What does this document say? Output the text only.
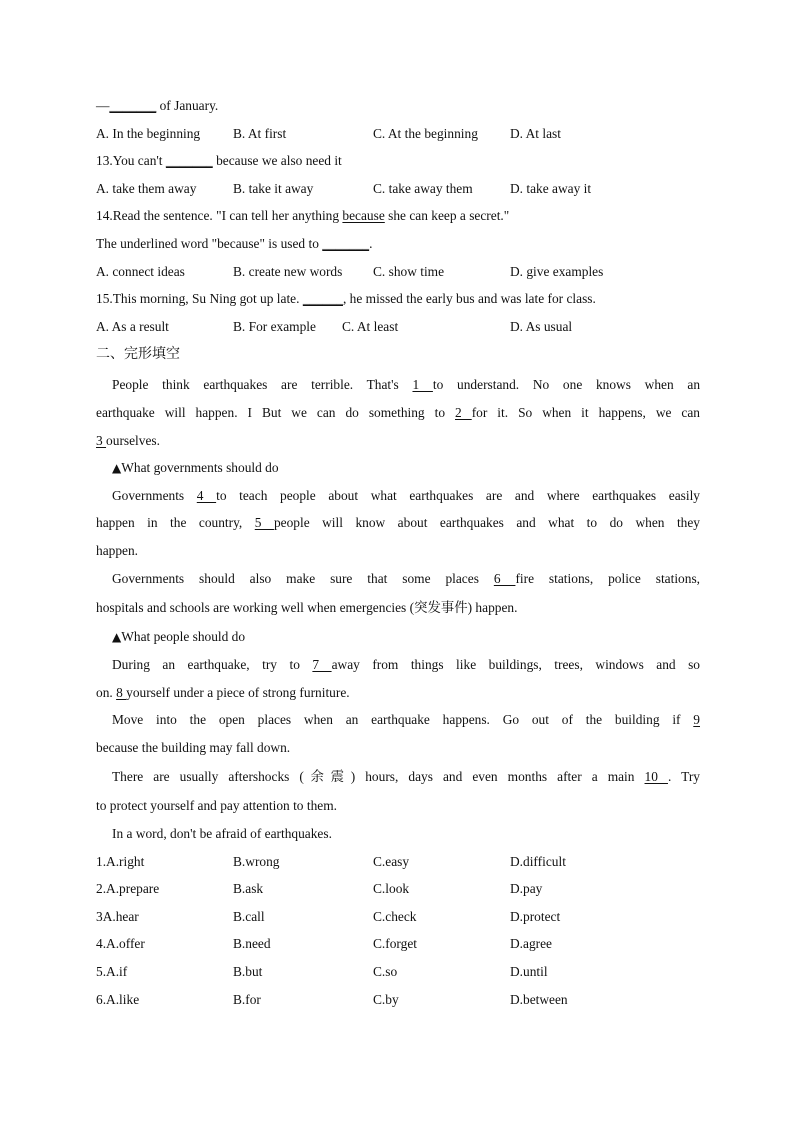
—_______ of January.
A. In the beginning B. At first	C. At the beginning D. At last
13.You can't _______ because we also need it
A. take them away	B. take it away	C. take away them	D. take away it
14.Read the sentence. "I can tell her anything because she can keep a secret."
The underlined word "because" is used to _______.
A. connect ideas	B. create new words C. show time	D. give examples
15.This morning, Su Ning got up late. ______, he missed the early bus and was late for class.
A. As a result	B. For example C. At least	D. As usual
二、完形填空
People think earthquakes are terrible. That's 1 to understand. No one knows when an
earthquake will happen. I But we can do something to 2 for it. So when it happens, we can
3 ourselves.
▲What governments should do
Governments 4 to teach people about what earthquakes are and where earthquakes easily
happen in the country, 5 people will know about earthquakes and what to do when they
happen.
Governments should also make sure that some places 6 fire stations, police stations,
hospitals and schools are working well when emergencies (突发事件) happen.
▲What people should do
During an earthquake, try to 7 away from things like buildings, trees, windows and so
on. 8 yourself under a piece of strong furniture.
Move into the open places when an earthquake happens. Go out of the building if 9
because the building may fall down.
There are usually aftershocks (余震) hours, days and even months after a main 10 . Try
to protect yourself and pay attention to them.
In a word, don't be afraid of earthquakes.
1.A.right	B.wrong	C.easy	D.difficult
2.A.prepare	B.ask	C.look	D.pay
3A.hear	B.call	C.check	D.protect
4.A.offer	B.need	C.forget	D.agree
5.A.if	B.but	C.so	D.until
6.A.like	B.for	C.by	D.between
